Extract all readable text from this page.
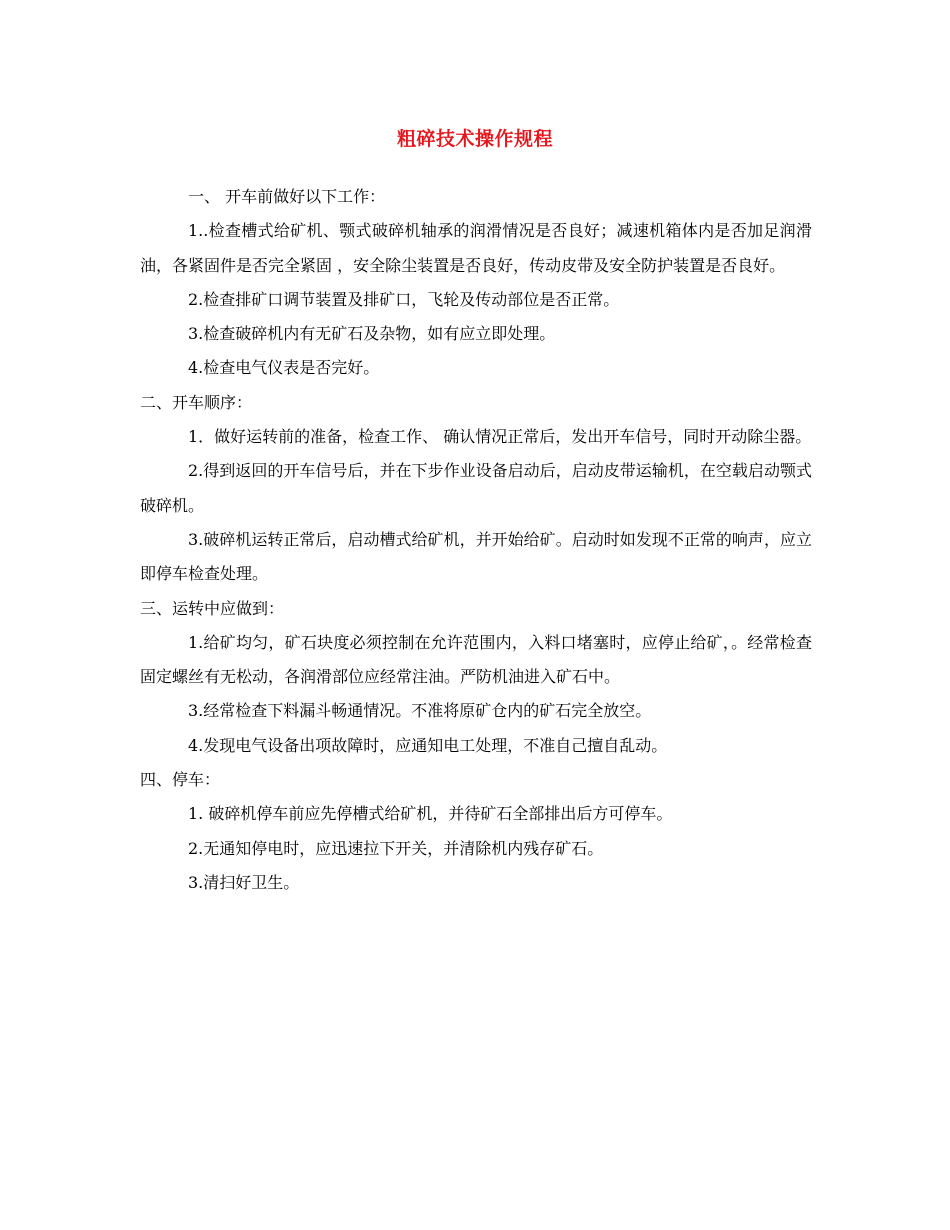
粗碎技术操作规程

一、 开车前做好以下工作：

1..检查槽式给矿机、颚式破碎机轴承的润滑情况是否良好；减速机箱体内是否加足润滑油，各紧固件是否完全紧固 ，安全除尘装置是否良好，传动皮带及安全防护装置是否良好。

2.检查排矿口调节装置及排矿口，飞轮及传动部位是否正常。

3.检查破碎机内有无矿石及杂物，如有应立即处理。

4.检查电气仪表是否完好。

二、开车顺序：

1．做好运转前的准备，检查工作、 确认情况正常后，发出开车信号，同时开动除尘器。

2.得到返回的开车信号后，并在下步作业设备启动后，启动皮带运输机，在空载启动颚式破碎机。

3.破碎机运转正常后，启动槽式给矿机，并开始给矿。启动时如发现不正常的响声，应立即停车检查处理。

三、运转中应做到：

1.给矿均匀，矿石块度必须控制在允许范围内，入料口堵塞时，应停止给矿，。经常检查固定螺丝有无松动，各润滑部位应经常注油。严防机油进入矿石中。

3.经常检查下料漏斗畅通情况。不准将原矿仓内的矿石完全放空。

4.发现电气设备出项故障时，应通知电工处理，不准自己擅自乱动。

四、停车：

1. 破碎机停车前应先停槽式给矿机，并待矿石全部排出后方可停车。

2.无通知停电时，应迅速拉下开关，并清除机内残存矿石。

3.清扫好卫生。
